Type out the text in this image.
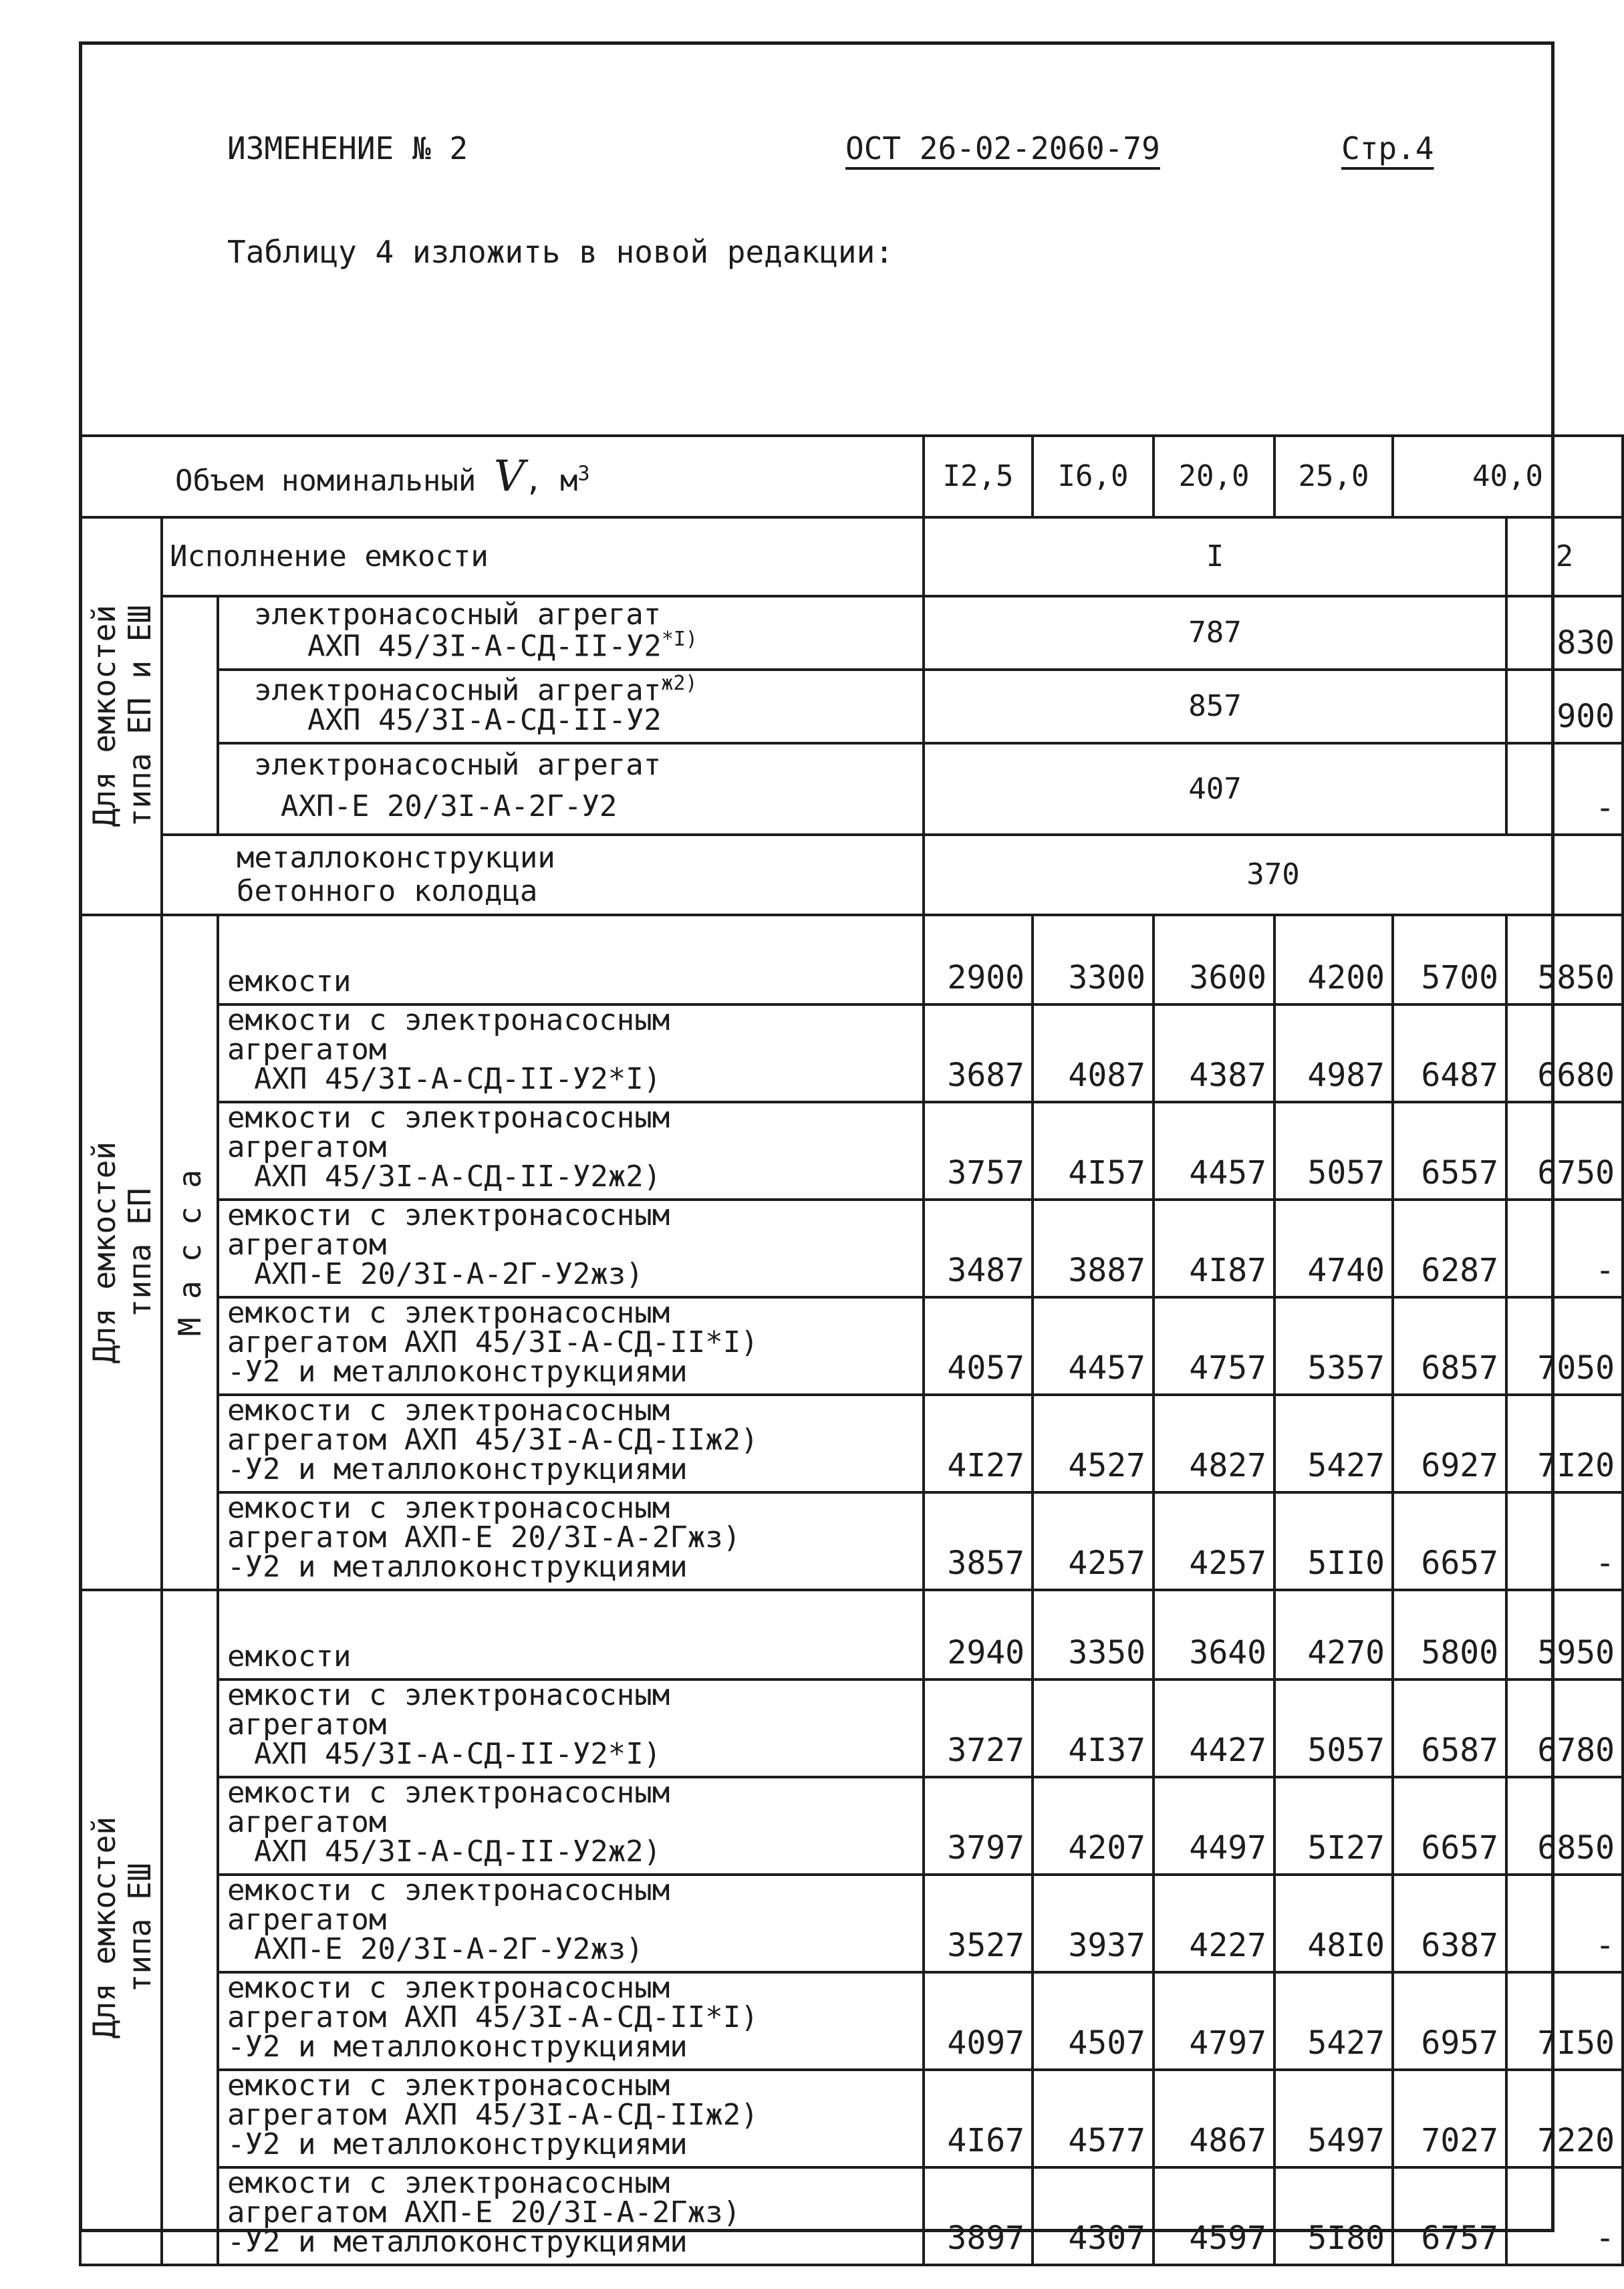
ИЗМЕНЕНИЕ № 2	ОСТ 26-02-2060-79	Стр.4
Таблицу 4 изложить в новой редакции:
Объем номинальный V, $м^3$			I2,5	I6,0	20,0	25,0	40,0	

Для емкостей
типа ЕП и ЕШ	Исполнение емкости		I					2

		электронасосный агрегат
АХП $45/3I-А-СД-II-У2^{*I)}$	787					830

		электронасосный агрегат$^{ж2)}$
АХП 45/3I-А-СД-II-У2	857					900

		электронасосный агрегат
АХП-Е 20/3I-А-2Г-У2	407					-

	металлоконструкции
бетонного колодца		370					

Для емкостей
типа ЕП	М а с с а	емкости	2900	3300	3600	4200	5700	5850

		емкости с электронасосным
агрегатом
АХП 45/3I-А-СД-II-У2*I)	3687	4087	4387	4987	6487	6680

		емкости с электронасосным
агрегатом
АХП 45/3I-А-СД-II-У2ж2)	3757	4I57	4457	5057	6557	6750

		емкости с электронасосным
агрегатом
АХП-Е 20/3I-А-2Г-У2жз)	3487	3887	4I87	4740	6287	-

		емкости с электронасосным
агрегатом АХП 45/3I-А-СД-II*I)
-У2 и металлоконструкциями	4057	4457	4757	5357	6857	7050

		емкости с электронасосным
агрегатом АХП 45/3I-А-СД-IIж2)
-У2 и металлоконструкциями	4I27	4527	4827	5427	6927	7I20

		емкости с электронасосным
агрегатом АХП-Е 20/3I-А-2Гжз)
-У2 и металлоконструкциями	3857	4257	4257	5II0	6657	-

Для емкостей
типа ЕШ		емкости	2940	3350	3640	4270	5800	5950

		емкости с электронасосным
агрегатом
АХП 45/3I-А-СД-II-У2*I)	3727	4I37	4427	5057	6587	6780

		емкости с электронасосным
агрегатом
АХП 45/3I-А-СД-II-У2ж2)	3797	4207	4497	5I27	6657	6850

		емкости с электронасосным
агрегатом
АХП-Е 20/3I-А-2Г-У2жз)	3527	3937	4227	48I0	6387	-

		емкости с электронасосным
агрегатом АХП 45/3I-А-СД-II*I)
-У2 и металлоконструкциями	4097	4507	4797	5427	6957	7I50

		емкости с электронасосным
агрегатом АХП 45/3I-А-СД-IIж2)
-У2 и металлоконструкциями	4I67	4577	4867	5497	7027	7220

		емкости с электронасосным
агрегатом АХП-Е 20/3I-А-2Гжз)
-У2 и металлоконструкциями	3897	4307	4597	5I80	6757	-
